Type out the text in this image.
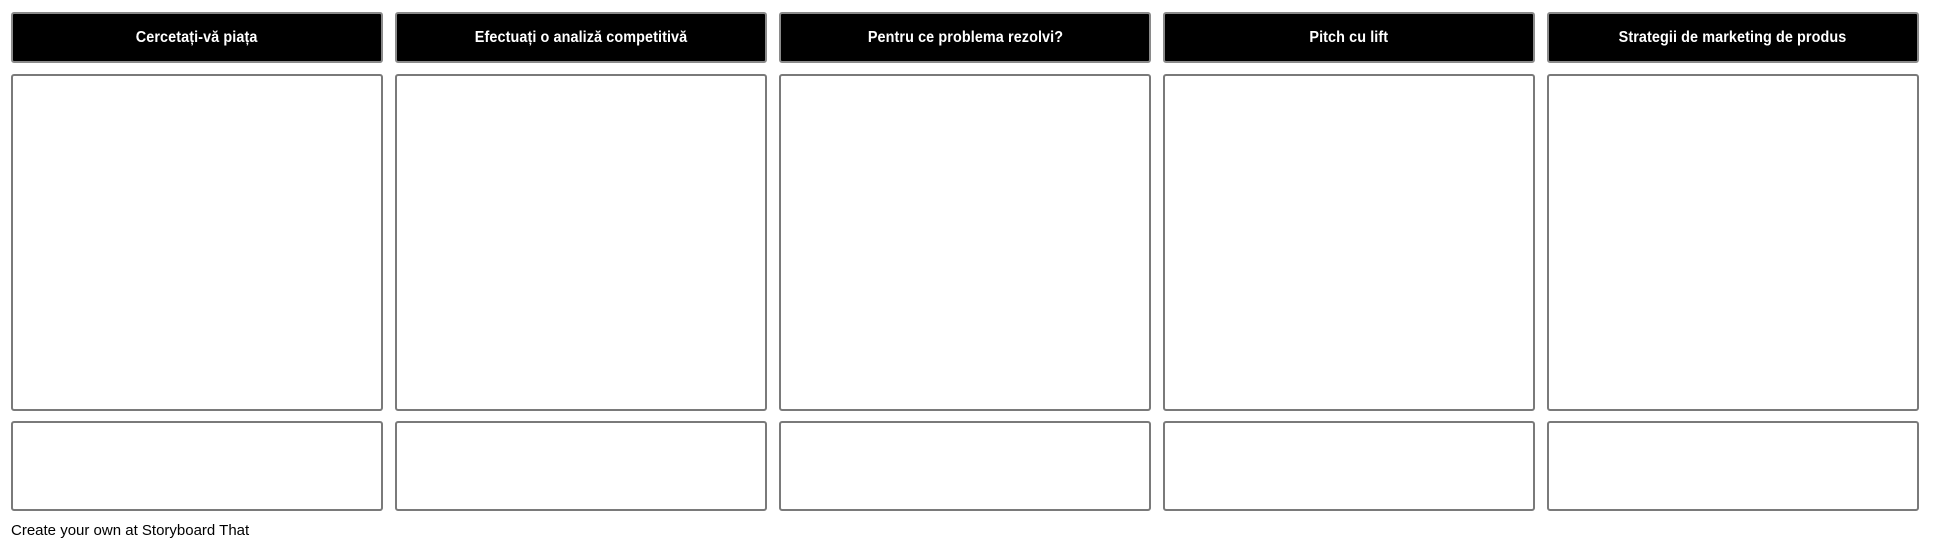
Cercetați-vă piața	Efectuați o analiză competitivă	Pentru ce problema rezolvi?	Pitch cu lift	Strategii de marketing de produs
Create your own at Storyboard That
